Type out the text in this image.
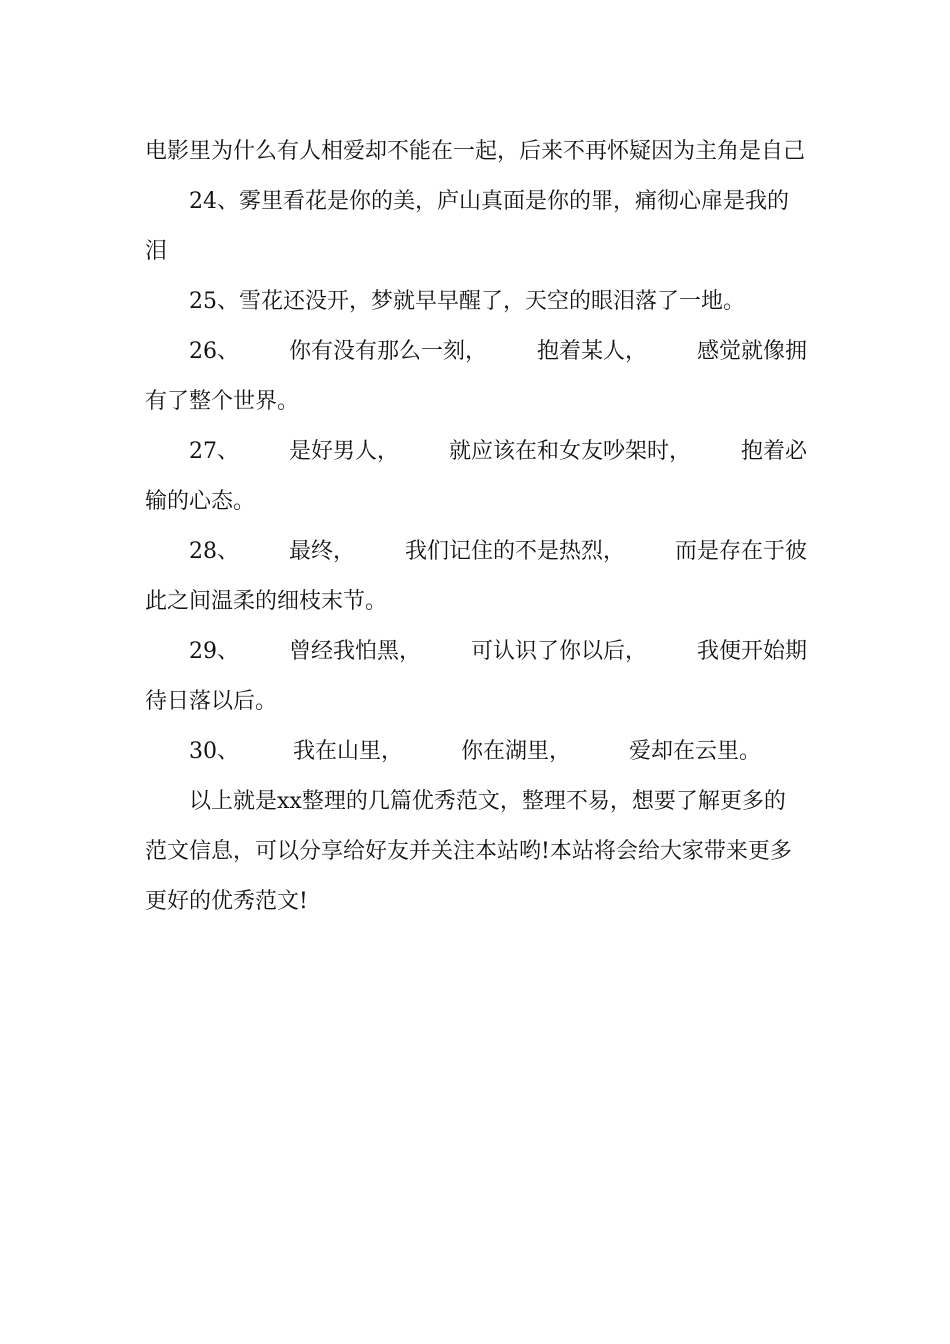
电影里为什么有人相爱却不能在一起，后来不再怀疑因为主角是自己

24、雾里看花是你的美，庐山真面是你的罪，痛彻心扉是我的泪

25、雪花还没开，梦就早早醒了，天空的眼泪落了一地。

26、 你有没有那么一刻， 抱着某人， 感觉就像拥
有了整个世界。
27、 是好男人， 就应该在和女友吵架时， 抱着必
输的心态。
28、 最终， 我们记住的不是热烈， 而是存在于彼
此之间温柔的细枝末节。
29、 曾经我怕黑， 可认识了你以后， 我便开始期
待日落以后。
30、 我在山里，	你在湖里，	爱却在云里。

以上就是xx整理的几篇优秀范文，整理不易，想要了解更多的范文信息，可以分享给好友并关注本站哟!本站将会给大家带来更多更好的优秀范文!
